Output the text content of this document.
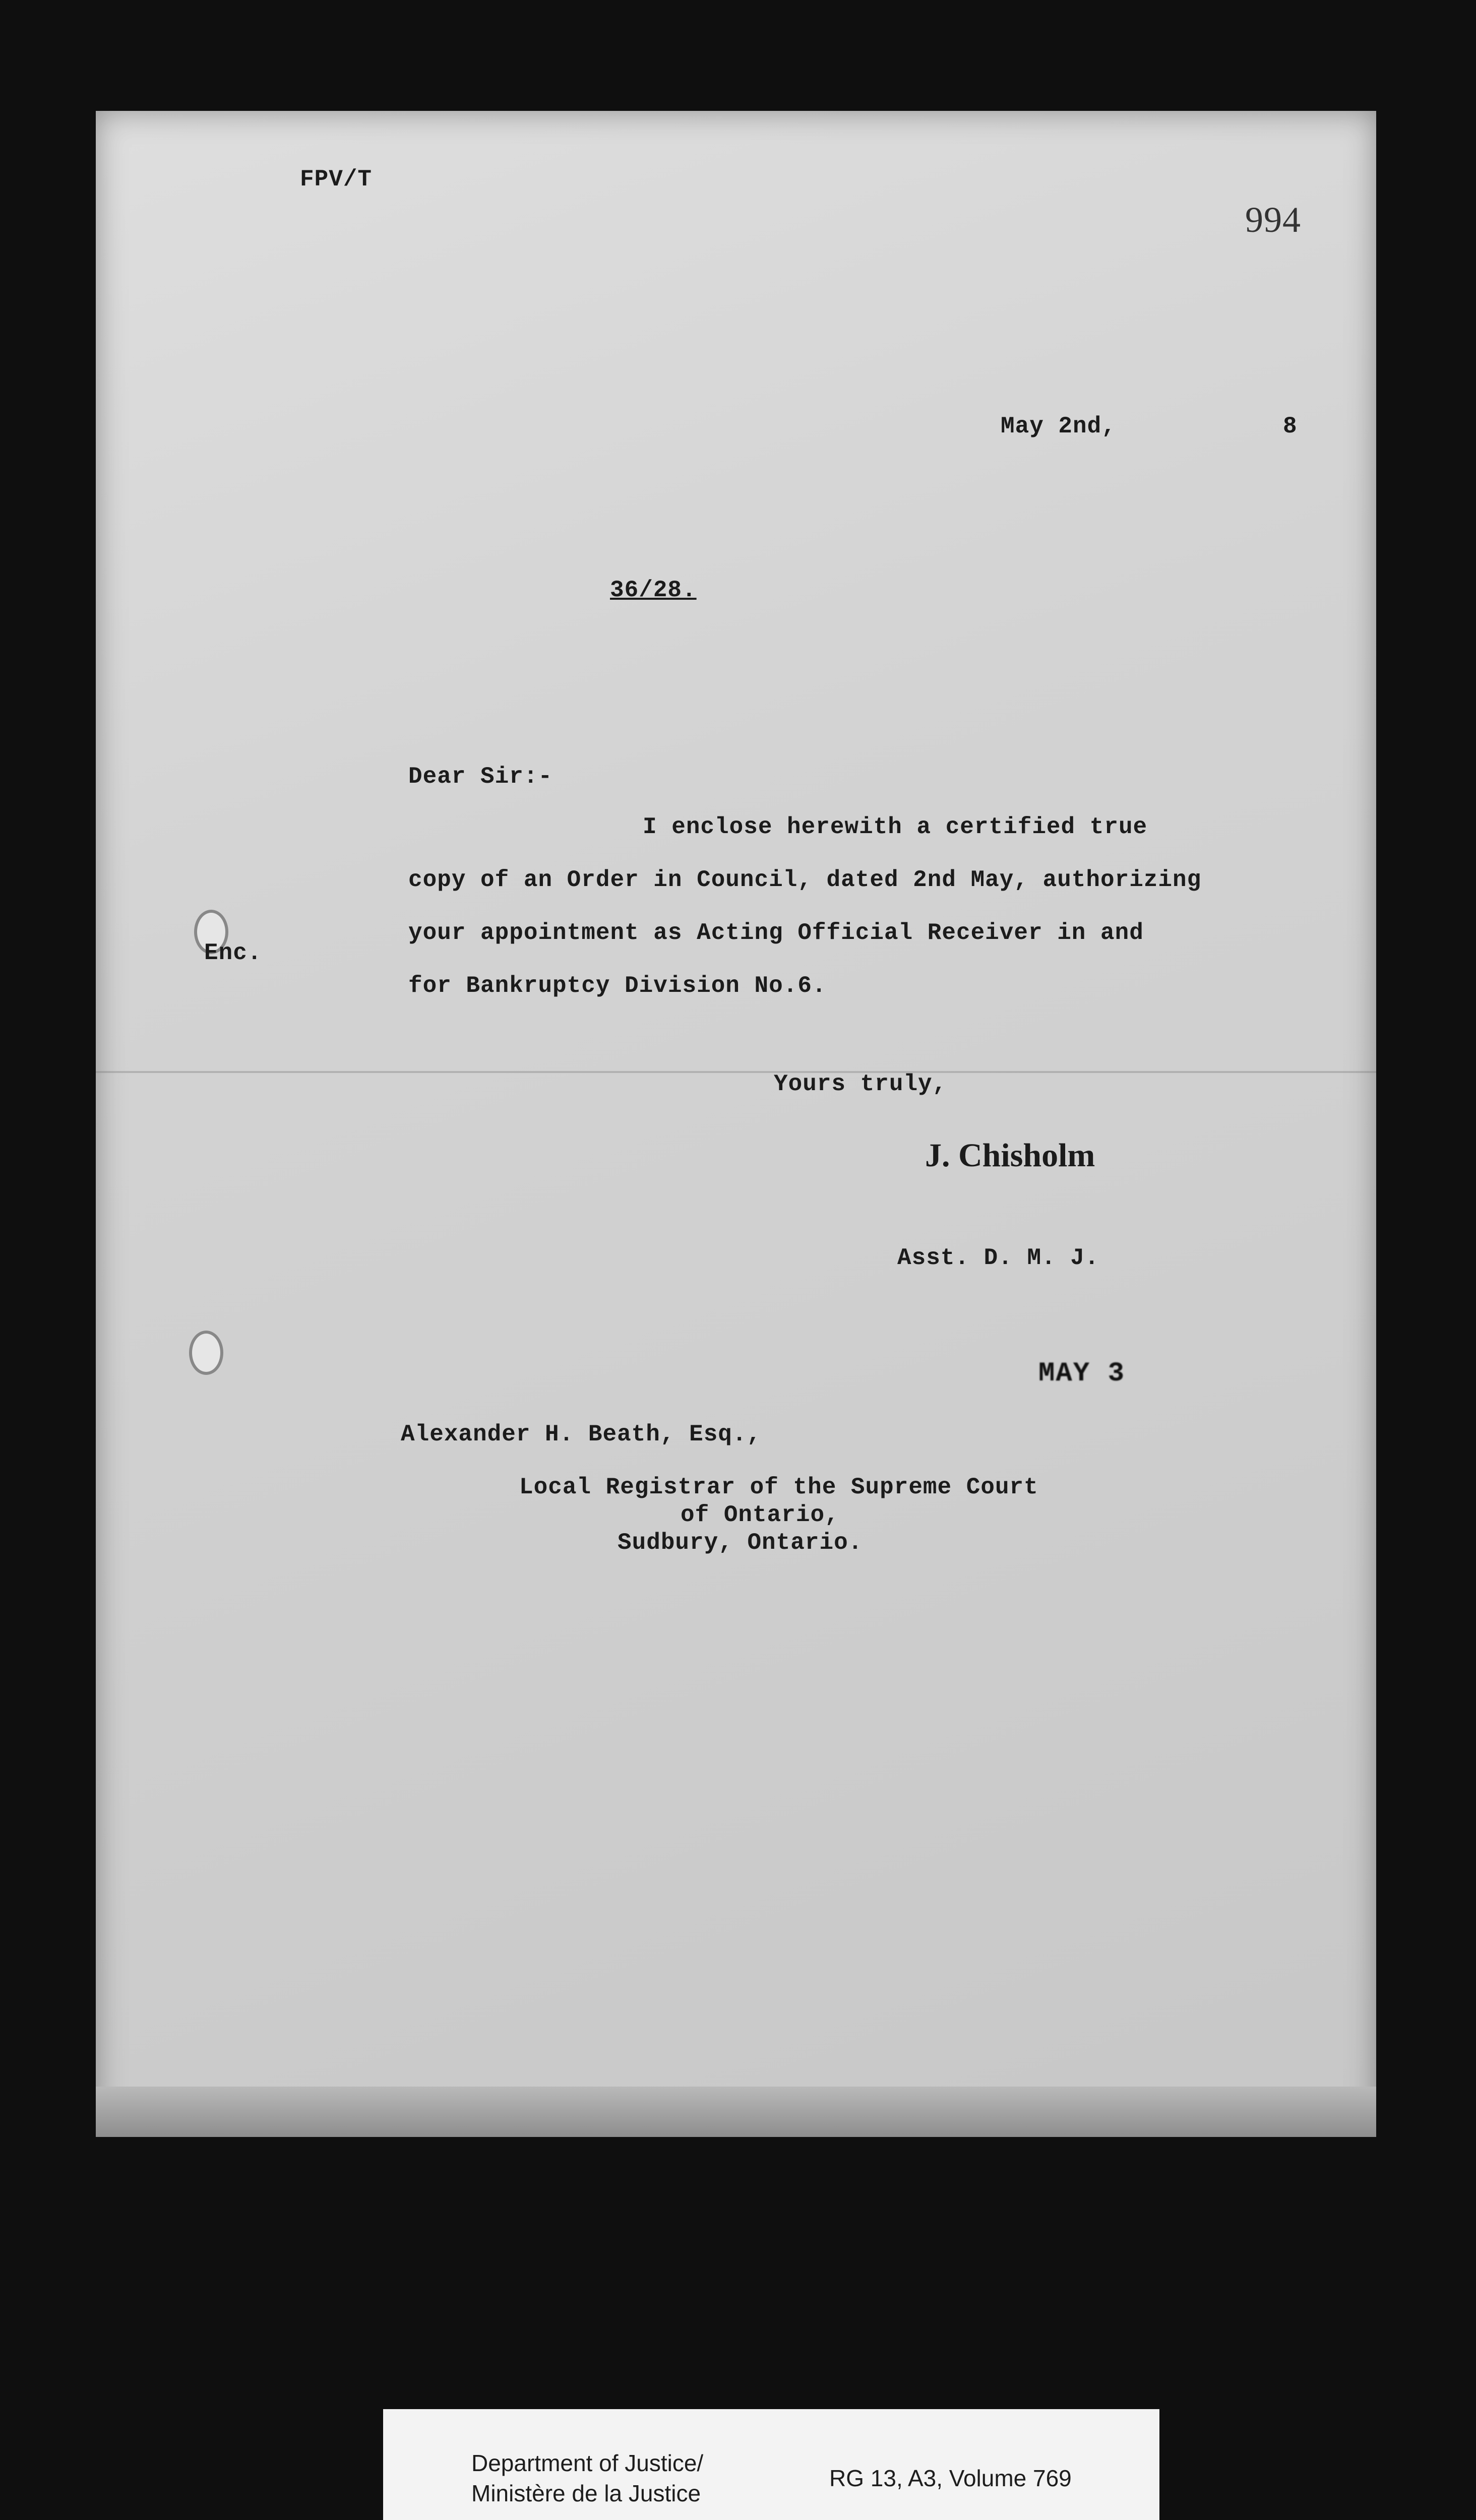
FPV/T
994
May 2nd,	8
36/28.
Dear Sir:-
I enclose herewith a certified true
copy of an Order in Council, dated 2nd May, authorizing
your appointment as Acting Official Receiver in and
for Bankruptcy Division No.6.
Enc.
Yours truly,
J. Chisholm
Asst. D. M. J.
MAY 3
Alexander H. Beath, Esq.,
Local Registrar of the Supreme Court
of Ontario,
Sudbury, Ontario.
Department of Justice/
Ministère de la Justice
RG 13, A3, Volume 769
